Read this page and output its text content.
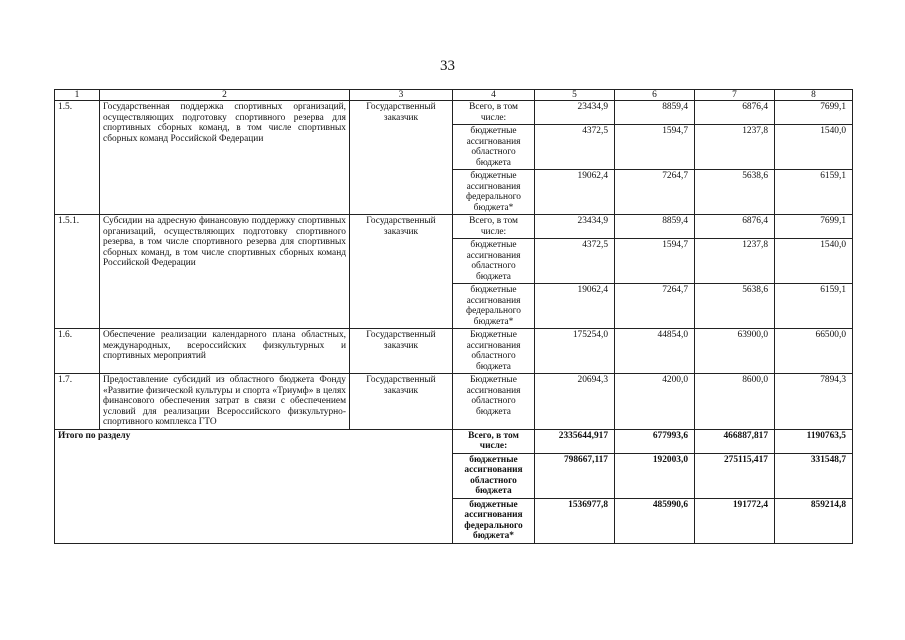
33
1	2	3	4	5	6	7	8
1.5.	Государственная поддержка спортивных организаций, осуществляющих подготовку спортивного резерва для спортивных сборных команд, в том числе спортивных сборных команд Российской Федерации	Государственный заказчик	Всего, в том числе:	23434,9	8859,4	6876,4	7699,1
			бюджетные ассигнования областного бюджета	4372,5	1594,7	1237,8	1540,0
			бюджетные ассигнования федерального бюджета*	19062,4	7264,7	5638,6	6159,1
1.5.1.	Субсидии на адресную финансовую поддержку спортивных организаций, осуществляющих подготовку спортивного резерва, в том числе спортивного резерва для спортивных сборных команд, в том числе спортивных сборных команд Российской Федерации	Государственный заказчик	Всего, в том числе:	23434,9	8859,4	6876,4	7699,1
			бюджетные ассигнования областного бюджета	4372,5	1594,7	1237,8	1540,0
			бюджетные ассигнования федерального бюджета*	19062,4	7264,7	5638,6	6159,1
1.6.	Обеспечение реализации календарного плана областных, международных, всероссийских физкультурных и спортивных мероприятий	Государственный заказчик	Бюджетные ассигнования областного бюджета	175254,0	44854,0	63900,0	66500,0
1.7.	Предоставление субсидий из областного бюджета Фонду «Развитие физической культуры и спорта «Триумф» в целях финансового обеспечения затрат в связи с обеспечением условий для реализации Всероссийского физкультурно-спортивного комплекса ГТО	Государственный заказчик	Бюджетные ассигнования областного бюджета	20694,3	4200,0	8600,0	7894,3
Итого по разделу			Всего, в том числе:	2335644,917	677993,6	466887,817	1190763,5
			бюджетные ассигнования областного бюджета	798667,117	192003,0	275115,417	331548,7
			бюджетные ассигнования федерального бюджета*	1536977,8	485990,6	191772,4	859214,8
